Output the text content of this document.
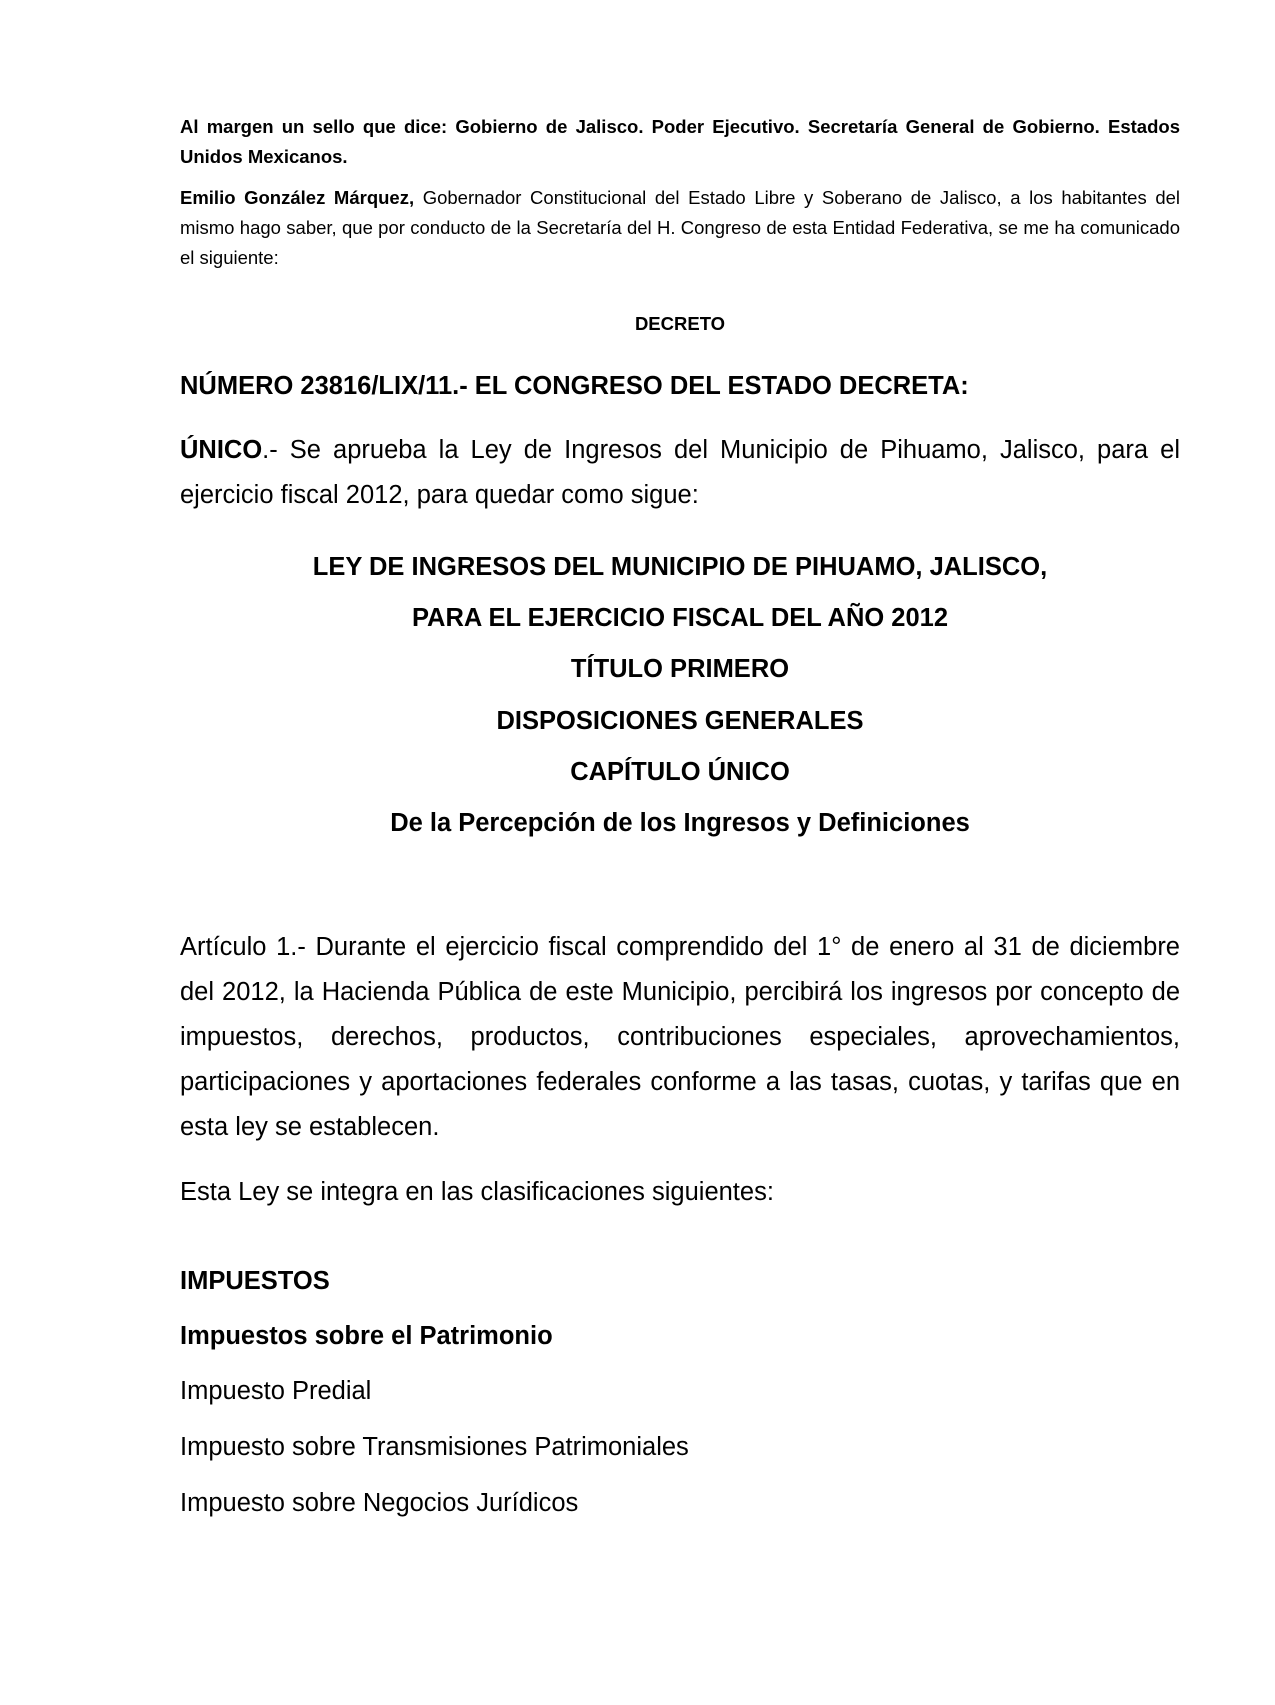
Al margen un sello que dice: Gobierno de Jalisco. Poder Ejecutivo. Secretaría General de Gobierno. Estados Unidos Mexicanos.

Emilio González Márquez, Gobernador Constitucional del Estado Libre y Soberano de Jalisco, a los habitantes del mismo hago saber, que por conducto de la Secretaría del H. Congreso de esta Entidad Federativa, se me ha comunicado el siguiente:

DECRETO

NÚMERO 23816/LIX/11.- EL CONGRESO DEL ESTADO DECRETA:

ÚNICO.- Se aprueba la Ley de Ingresos del Municipio de Pihuamo, Jalisco, para el ejercicio fiscal 2012, para quedar como sigue:

LEY DE INGRESOS DEL MUNICIPIO DE PIHUAMO, JALISCO,

PARA EL EJERCICIO FISCAL DEL AÑO 2012

TÍTULO PRIMERO

DISPOSICIONES GENERALES

CAPÍTULO ÚNICO

De la Percepción de los Ingresos y Definiciones

Artículo 1.- Durante el ejercicio fiscal comprendido del 1° de enero al 31 de diciembre del 2012, la Hacienda Pública de este Municipio, percibirá los ingresos por concepto de impuestos, derechos, productos, contribuciones especiales, aprovechamientos, participaciones y aportaciones federales conforme a las tasas, cuotas, y tarifas que en esta ley se establecen.

Esta Ley se integra en las clasificaciones siguientes:

IMPUESTOS

Impuestos sobre el Patrimonio

Impuesto Predial

Impuesto sobre Transmisiones Patrimoniales

Impuesto sobre Negocios Jurídicos
